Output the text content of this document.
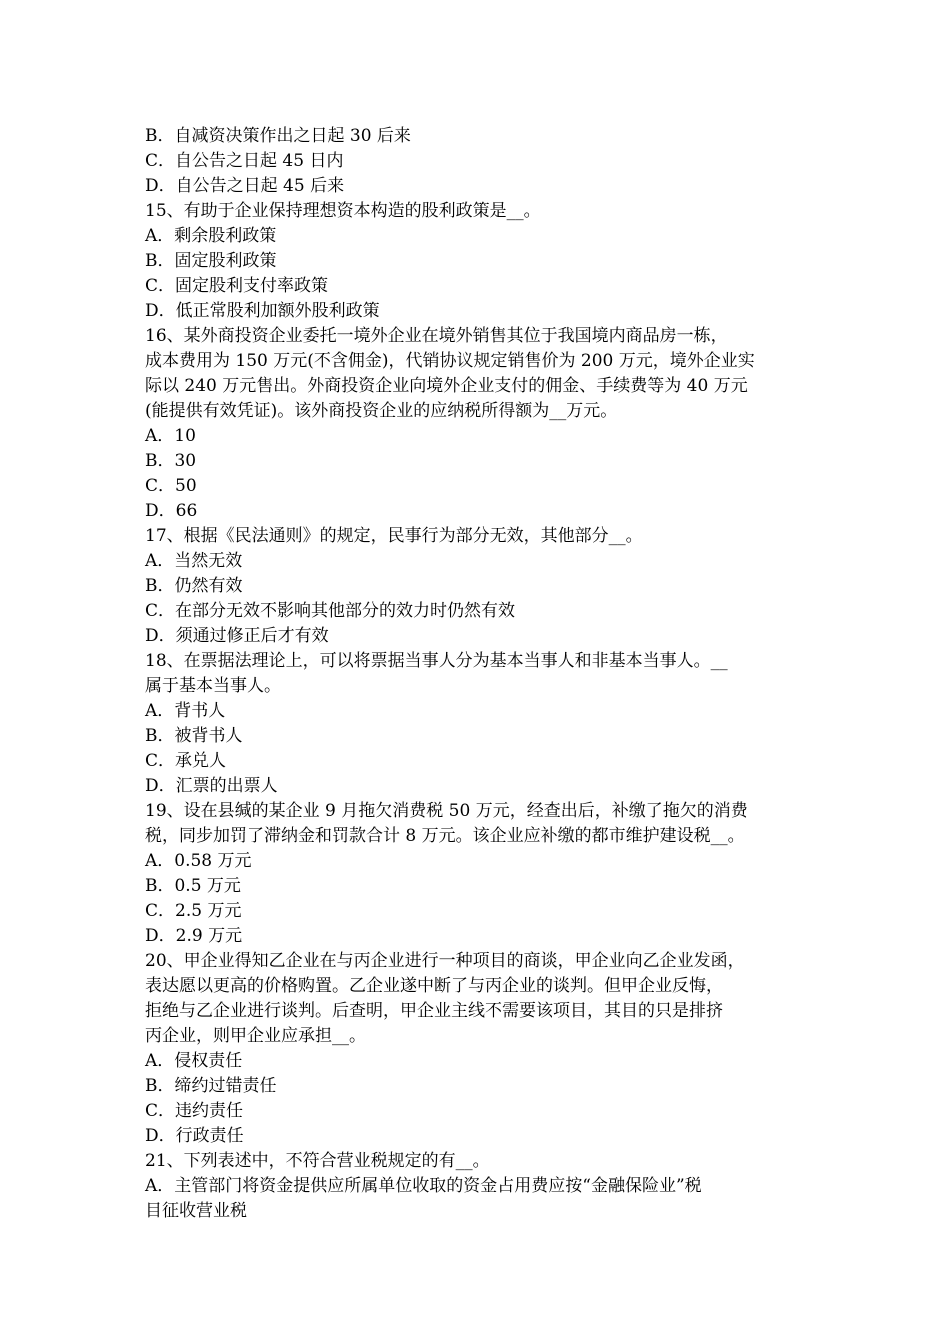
B．自减资决策作出之日起 30 后来
C．自公告之日起 45 日内
D．自公告之日起 45 后来
15、有助于企业保持理想资本构造的股利政策是__。
A．剩余股利政策
B．固定股利政策
C．固定股利支付率政策
D．低正常股利加额外股利政策
16、某外商投资企业委托一境外企业在境外销售其位于我国境内商品房一栋，
成本费用为 150 万元(不含佣金)，代销协议规定销售价为 200 万元，境外企业实
际以 240 万元售出。外商投资企业向境外企业支付的佣金、手续费等为 40 万元
(能提供有效凭证)。该外商投资企业的应纳税所得额为__万元。
A．10
B．30
C．50
D．66
17、根据《民法通则》的规定，民事行为部分无效，其他部分__。
A．当然无效
B．仍然有效
C．在部分无效不影响其他部分的效力时仍然有效
D．须通过修正后才有效
18、在票据法理论上，可以将票据当事人分为基本当事人和非基本当事人。__
属于基本当事人。
A．背书人
B．被背书人
C．承兑人
D．汇票的出票人
19、设在县缄的某企业 9 月拖欠消费税 50 万元，经查出后，补缴了拖欠的消费
税，同步加罚了滞纳金和罚款合计 8 万元。该企业应补缴的都市维护建设税__。
A．0.58 万元
B．0.5 万元
C．2.5 万元
D．2.9 万元
20、甲企业得知乙企业在与丙企业进行一种项目的商谈，甲企业向乙企业发函，
表达愿以更高的价格购置。乙企业遂中断了与丙企业的谈判。但甲企业反悔，
拒绝与乙企业进行谈判。后查明，甲企业主线不需要该项目，其目的只是排挤
丙企业，则甲企业应承担__。
A．侵权责任
B．缔约过错责任
C．违约责任
D．行政责任
21、下列表述中，不符合营业税规定的有__。
A．主管部门将资金提供应所属单位收取的资金占用费应按“金融保险业”税
目征收营业税
